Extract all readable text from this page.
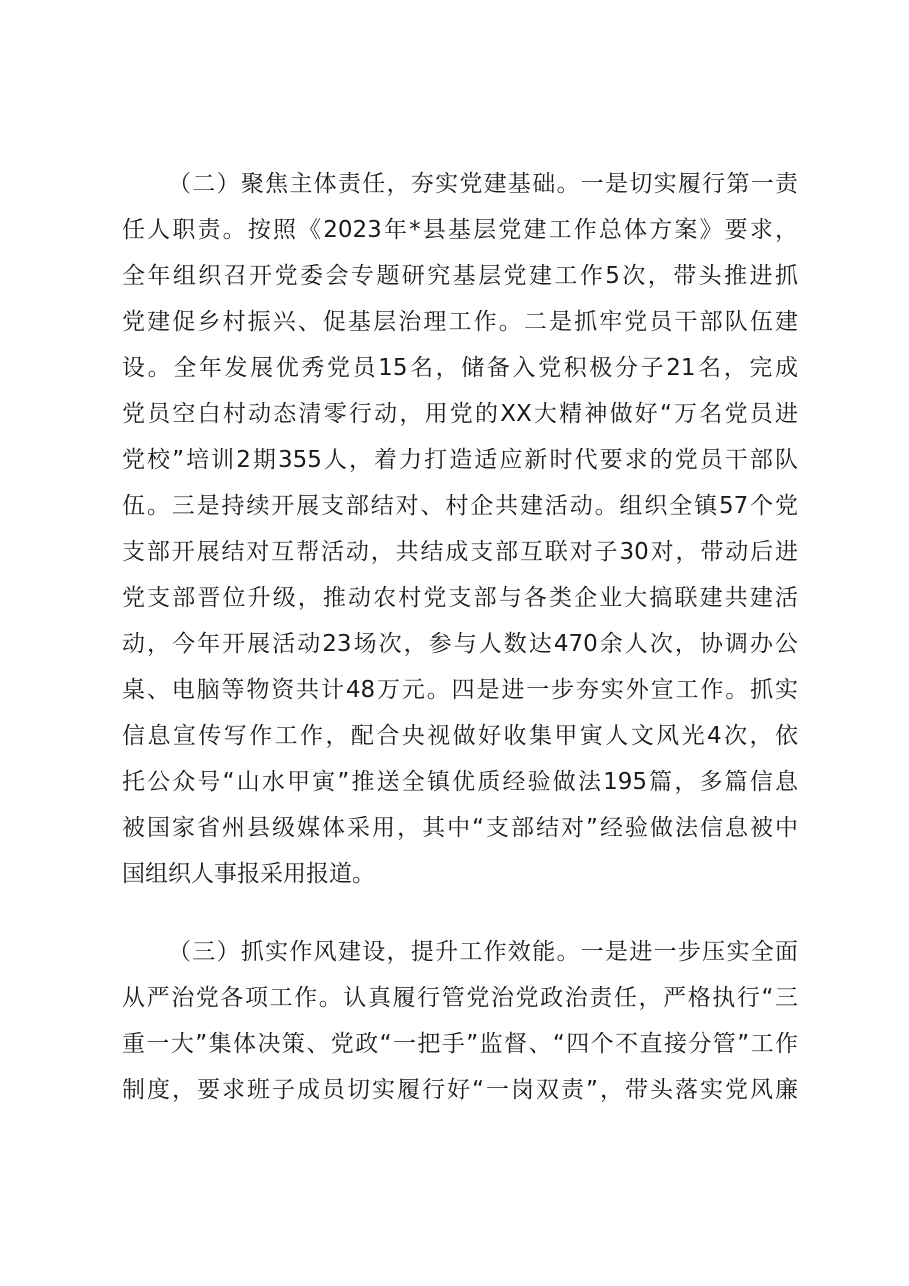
（二）聚焦主体责任，夯实党建基础。一是切实履行第一责
任人职责。按照《2023年*县基层党建工作总体方案》要求，
全年组织召开党委会专题研究基层党建工作5次，带头推进抓
党建促乡村振兴、促基层治理工作。二是抓牢党员干部队伍建
设。全年发展优秀党员15名，储备入党积极分子21名，完成
党员空白村动态清零行动，用党的XX大精神做好“万名党员进
党校”培训2期355人，着力打造适应新时代要求的党员干部队
伍。三是持续开展支部结对、村企共建活动。组织全镇57个党
支部开展结对互帮活动，共结成支部互联对子30对，带动后进
党支部晋位升级，推动农村党支部与各类企业大搞联建共建活
动，今年开展活动23场次，参与人数达470余人次，协调办公
桌、电脑等物资共计48万元。四是进一步夯实外宣工作。抓实
信息宣传写作工作，配合央视做好收集甲寅人文风光4次，依
托公众号“山水甲寅”推送全镇优质经验做法195篇，多篇信息
被国家省州县级媒体采用，其中“支部结对”经验做法信息被中
国组织人事报采用报道。
（三）抓实作风建设，提升工作效能。一是进一步压实全面
从严治党各项工作。认真履行管党治党政治责任，严格执行“三
重一大”集体决策、党政“一把手”监督、“四个不直接分管”工作
制度，要求班子成员切实履行好“一岗双责”，带头落实党风廉
